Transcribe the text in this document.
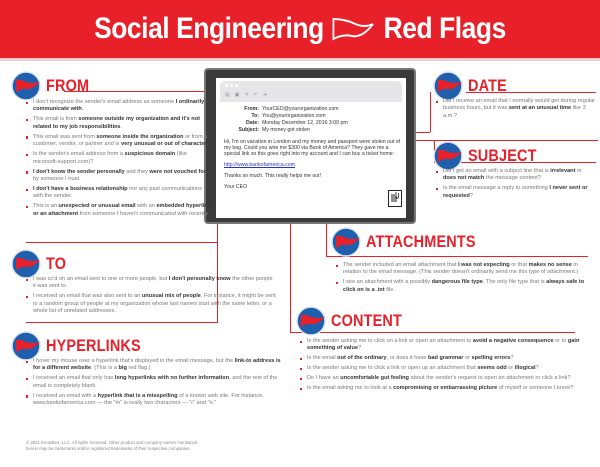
Social Engineering Red Flags
▤ ▣ ↰ ↶ ➜
From: YourCEO@yourorganization.com
To: You@yourorganization.com
Date: Monday December 12, 2016 3:00 pm
Subject: My money got stolen
Hi, I'm on vacation in London and my money and passport were stolen out of my bag. Could you wire me $300 via Bank of America? They gave me a special link so this goes right into my account and I can buy a ticket home:
http://www.bankofarnerica.com
Thanks so much. This really helps me out!
Your CEO
FROM
I don't recognize the sender's email address as someone I ordinarily communicate with.
This email is from someone outside my organization and it's not related to my job responsibilities.
This email was sent from someone inside the organization or from a customer, vendor, or partner and is very unusual or out of character.
Is the sender's email address from a suspicious domain (like micorsoft-support.com)?
I don't know the sender personally and they were not vouched for by someone I trust.
I don't have a business relationship nor any past communications with the sender.
This is an unexpected or unusual email with an embedded hyperlink or an attachment from someone I haven't communicated with recently.
TO
I was cc'd on an email sent to one or more people, but I don't personally know the other people it was sent to.
I received an email that was also sent to an unusual mix of people. For instance, it might be sent to a random group of people at my organization whose last names start with the same letter, or a whole list of unrelated addresses.
HYPERLINKS
I hover my mouse over a hyperlink that's displayed in the email message, but the link-to address is for a different website. (This is a big red flag.)
I received an email that only has long hyperlinks with no further information, and the rest of the email is completely blank.
I received an email with a hyperlink that is a misspelling of a known web site. For instance, www.bankofarnerica.com — the "m" is really two characters — "r" and "n."
DATE
Did I receive an email that I normally would get during regular business hours, but it was sent at an unusual time like 3 a.m.?
SUBJECT
Did I get an email with a subject line that is irrelevant or does not match the message content?
Is the email message a reply to something I never sent or requested?
ATTACHMENTS
The sender included an email attachment that I was not expecting or that makes no sense in relation to the email message. (This sender doesn't ordinarily send me this type of attachment.)
I see an attachment with a possibly dangerous file type. The only file type that is always safe to click on is a .txt file.
CONTENT
Is the sender asking me to click on a link or open an attachment to avoid a negative consequence or to gain something of value?
Is the email out of the ordinary, or does it have bad grammar or spelling errors?
Is the sender asking me to click a link or open up an attachment that seems odd or illogical?
Do I have an uncomfortable gut feeling about the sender's request to open an attachment or click a link?
Is the email asking me to look at a compromising or embarrassing picture of myself or someone I know?
© 2021 KnowBe4, LLC. All rights reserved. Other product and company names mentioned
herein may be trademarks and/or registered trademarks of their respective companies.
